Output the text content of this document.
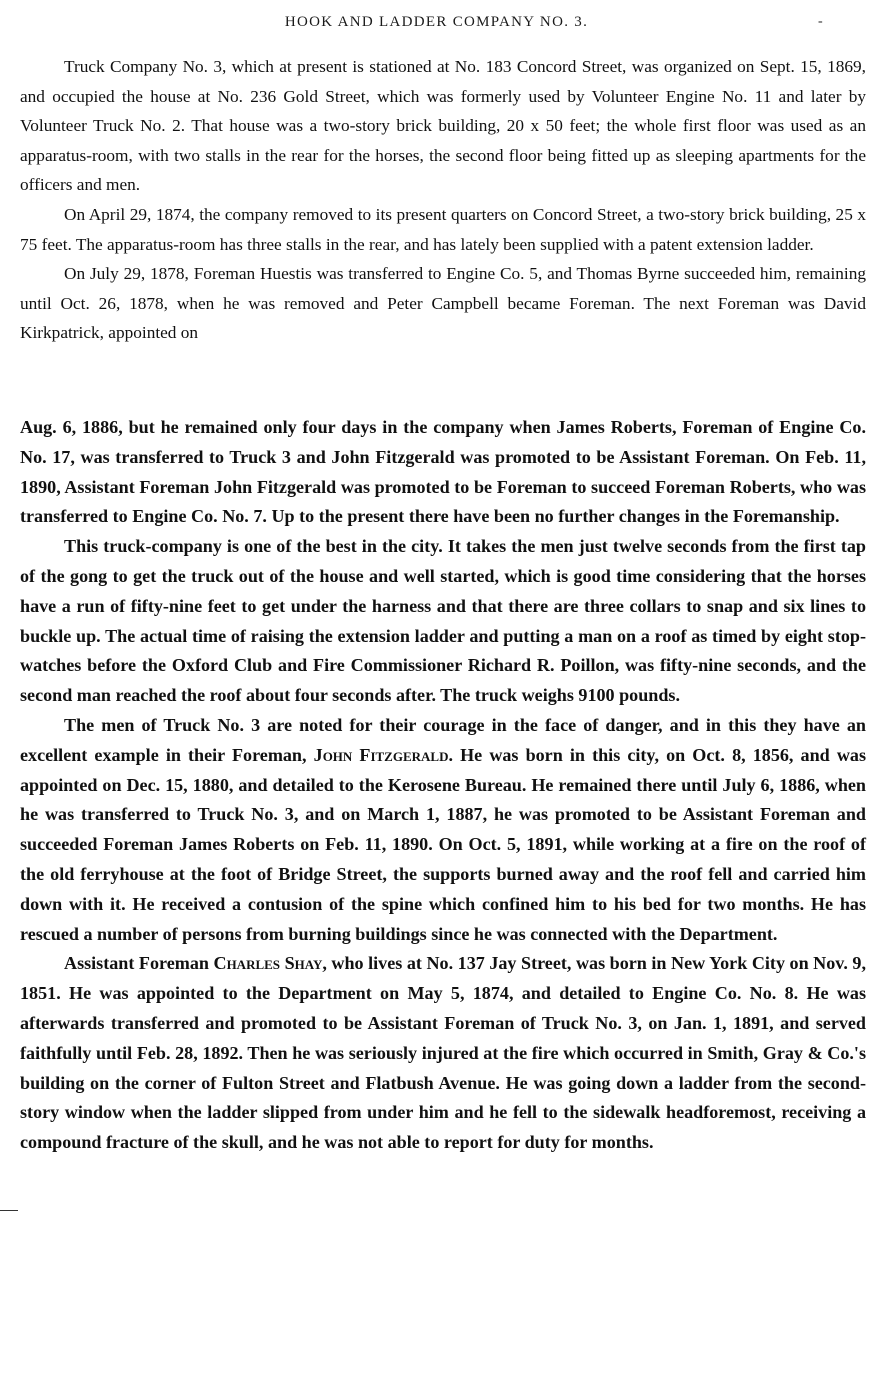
HOOK AND LADDER COMPANY NO. 3.	-

Truck Company No. 3, which at present is stationed at No. 183 Concord Street, was organized on Sept. 15, 1869, and occupied the house at No. 236 Gold Street, which was formerly used by Volunteer Engine No. 11 and later by Volunteer Truck No. 2. That house was a two-story brick building, 20 x 50 feet; the whole first floor was used as an apparatus-room, with two stalls in the rear for the horses, the second floor being fitted up as sleeping apartments for the officers and men.

On April 29, 1874, the company removed to its present quarters on Concord Street, a two-story brick building, 25 x 75 feet. The apparatus-room has three stalls in the rear, and has lately been supplied with a patent extension ladder.

On July 29, 1878, Foreman Huestis was transferred to Engine Co. 5, and Thomas Byrne succeeded him, remaining until Oct. 26, 1878, when he was removed and Peter Campbell became Foreman. The next Foreman was David Kirkpatrick, appointed on

Aug. 6, 1886, but he remained only four days in the company when James Roberts, Foreman of Engine Co. No. 17, was transferred to Truck 3 and John Fitzgerald was promoted to be Assistant Foreman. On Feb. 11, 1890, Assistant Foreman John Fitzgerald was promoted to be Foreman to succeed Foreman Roberts, who was transferred to Engine Co. No. 7. Up to the present there have been no further changes in the Foremanship.

This truck-company is one of the best in the city. It takes the men just twelve seconds from the first tap of the gong to get the truck out of the house and well started, which is good time considering that the horses have a run of fifty-nine feet to get under the harness and that there are three collars to snap and six lines to buckle up. The actual time of raising the extension ladder and putting a man on a roof as timed by eight stop-watches before the Oxford Club and Fire Commissioner Richard R. Poillon, was fifty-nine seconds, and the second man reached the roof about four seconds after. The truck weighs 9100 pounds.

The men of Truck No. 3 are noted for their courage in the face of danger, and in this they have an excellent example in their Foreman, John Fitzgerald. He was born in this city, on Oct. 8, 1856, and was appointed on Dec. 15, 1880, and detailed to the Kerosene Bureau. He remained there until July 6, 1886, when he was transferred to Truck No. 3, and on March 1, 1887, he was promoted to be Assistant Foreman and succeeded Foreman James Roberts on Feb. 11, 1890. On Oct. 5, 1891, while working at a fire on the roof of the old ferryhouse at the foot of Bridge Street, the supports burned away and the roof fell and carried him down with it. He received a contusion of the spine which confined him to his bed for two months. He has rescued a number of persons from burning buildings since he was connected with the Department.

Assistant Foreman Charles Shay, who lives at No. 137 Jay Street, was born in New York City on Nov. 9, 1851. He was appointed to the Department on May 5, 1874, and detailed to Engine Co. No. 8. He was afterwards transferred and promoted to be Assistant Foreman of Truck No. 3, on Jan. 1, 1891, and served faithfully until Feb. 28, 1892. Then he was seriously injured at the fire which occurred in Smith, Gray & Co.'s building on the corner of Fulton Street and Flatbush Avenue. He was going down a ladder from the second-story window when the ladder slipped from under him and he fell to the sidewalk headforemost, receiving a compound fracture of the skull, and he was not able to report for duty for months.
